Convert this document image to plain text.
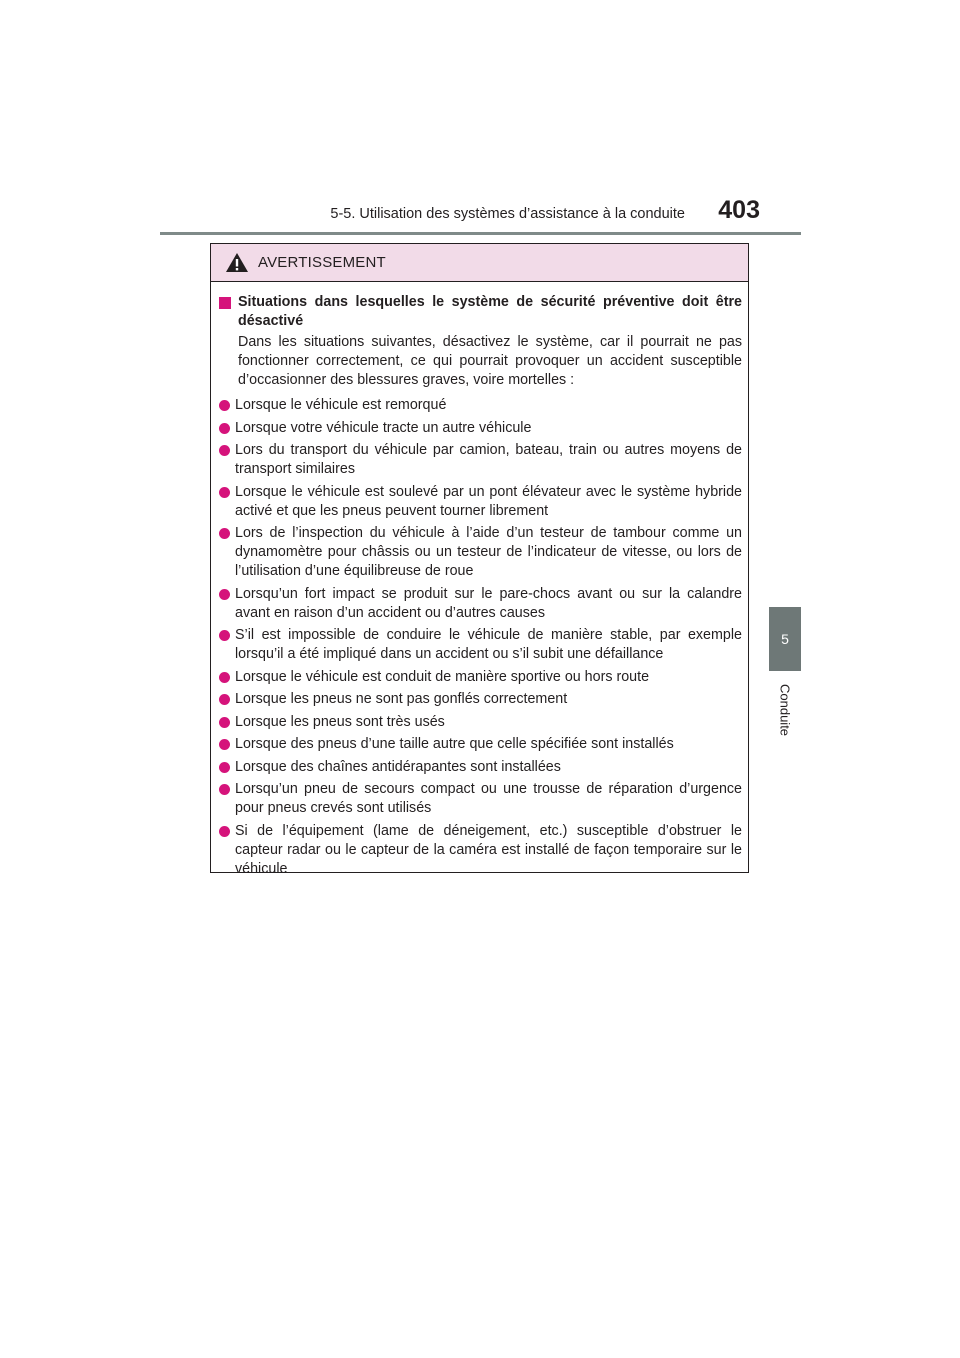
5-5. Utilisation des systèmes d’assistance à la conduite	403
5
Conduite
AVERTISSEMENT
Situations dans lesquelles le système de sécurité préventive doit être désactivé

Dans les situations suivantes, désactivez le système, car il pourrait ne pas fonctionner correctement, ce qui pourrait provoquer un accident susceptible d’occasionner des blessures graves, voire mortelles :

Lorsque le véhicule est remorqué
Lorsque votre véhicule tracte un autre véhicule
Lors du transport du véhicule par camion, bateau, train ou autres moyens de transport similaires
Lorsque le véhicule est soulevé par un pont élévateur avec le système hybride activé et que les pneus peuvent tourner librement
Lors de l’inspection du véhicule à l’aide d’un testeur de tambour comme un dynamomètre pour châssis ou un testeur de l’indicateur de vitesse, ou lors de l’utilisation d’une équilibreuse de roue
Lorsqu’un fort impact se produit sur le pare-chocs avant ou sur la calandre avant en raison d’un accident ou d’autres causes
S’il est impossible de conduire le véhicule de manière stable, par exemple lorsqu’il a été impliqué dans un accident ou s’il subit une défaillance
Lorsque le véhicule est conduit de manière sportive ou hors route
Lorsque les pneus ne sont pas gonflés correctement
Lorsque les pneus sont très usés
Lorsque des pneus d’une taille autre que celle spécifiée sont installés
Lorsque des chaînes antidérapantes sont installées
Lorsqu’un pneu de secours compact ou une trousse de réparation d’urgence pour pneus crevés sont utilisés
Si de l’équipement (lame de déneigement, etc.) susceptible d’obstruer le capteur radar ou le capteur de la caméra est installé de façon temporaire sur le véhicule
